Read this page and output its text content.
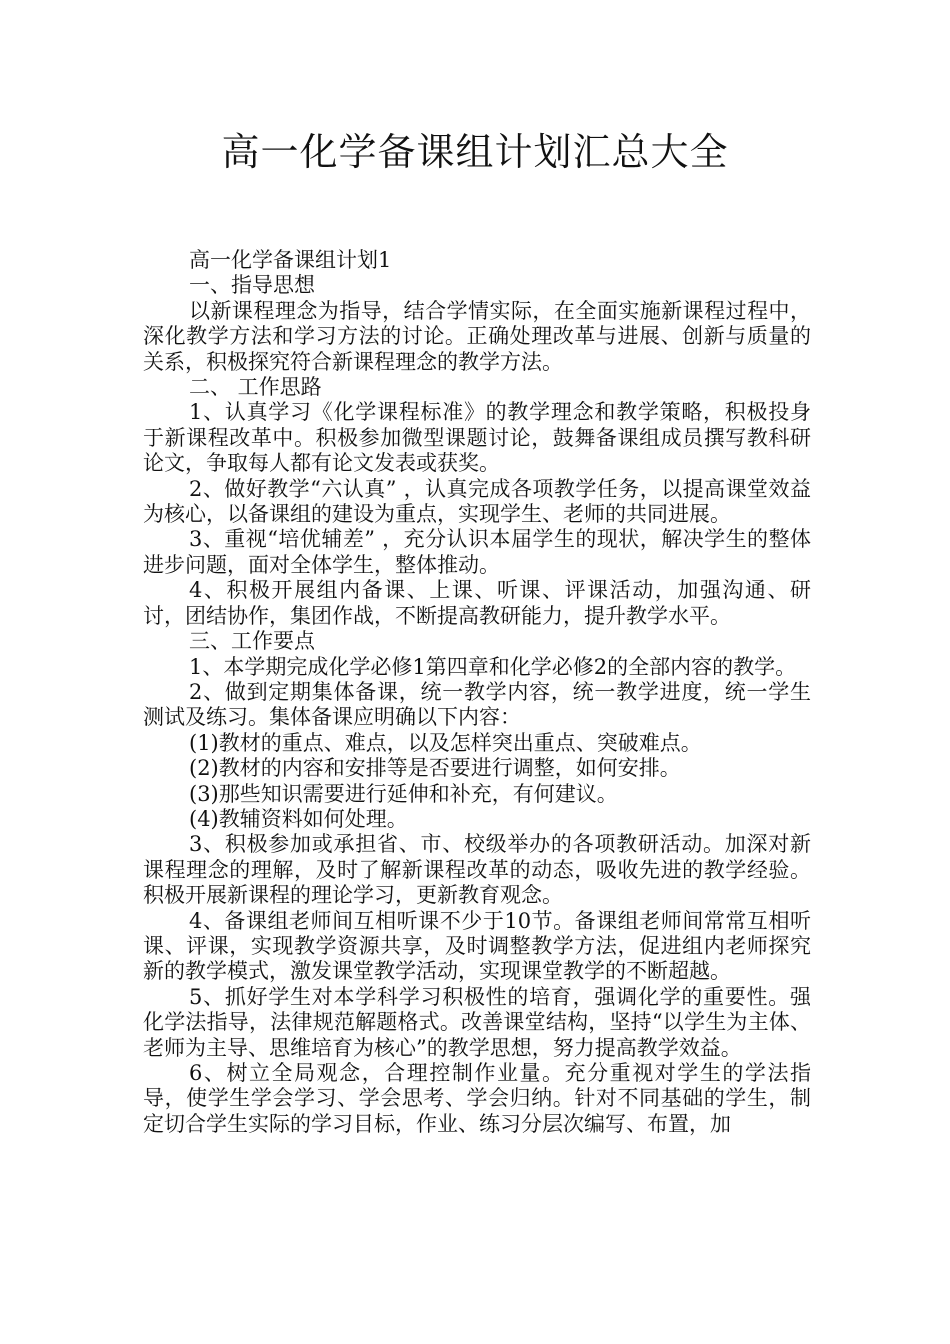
高一化学备课组计划汇总大全

高一化学备课组计划1

一、指导思想

以新课程理念为指导，结合学情实际，在全面实施新课程过程中，深化教学方法和学习方法的讨论。正确处理改革与进展、创新与质量的关系，积极探究符合新课程理念的教学方法。

二、 工作思路

1、认真学习《化学课程标准》的教学理念和教学策略，积极投身于新课程改革中。积极参加微型课题讨论，鼓舞备课组成员撰写教科研论文，争取每人都有论文发表或获奖。

2、做好教学“六认真” ，认真完成各项教学任务，以提高课堂效益为核心，以备课组的建设为重点，实现学生、老师的共同进展。

3、重视“培优辅差” ，充分认识本届学生的现状，解决学生的整体进步问题，面对全体学生，整体推动。

4、积极开展组内备课、上课、听课、评课活动，加强沟通、研讨，团结协作，集团作战，不断提高教研能力，提升教学水平。

三、工作要点

1、本学期完成化学必修1第四章和化学必修2的全部内容的教学。

2、做到定期集体备课，统一教学内容，统一教学进度，统一学生测试及练习。集体备课应明确以下内容：

(1)教材的重点、难点，以及怎样突出重点、突破难点。

(2)教材的内容和安排等是否要进行调整，如何安排。

(3)那些知识需要进行延伸和补充，有何建议。

(4)教辅资料如何处理。

3、积极参加或承担省、市、校级举办的各项教研活动。加深对新课程理念的理解，及时了解新课程改革的动态，吸收先进的教学经验。积极开展新课程的理论学习，更新教育观念。

4、备课组老师间互相听课不少于10节。备课组老师间常常互相听课、评课，实现教学资源共享，及时调整教学方法，促进组内老师探究新的教学模式，激发课堂教学活动，实现课堂教学的不断超越。

5、抓好学生对本学科学习积极性的培育，强调化学的重要性。强化学法指导，法律规范解题格式。改善课堂结构，坚持“以学生为主体、老师为主导、思维培育为核心”的教学思想，努力提高教学效益。

6、树立全局观念，合理控制作业量。充分重视对学生的学法指导，使学生学会学习、学会思考、学会归纳。针对不同基础的学生，制定切合学生实际的学习目标，作业、练习分层次编写、布置，加
